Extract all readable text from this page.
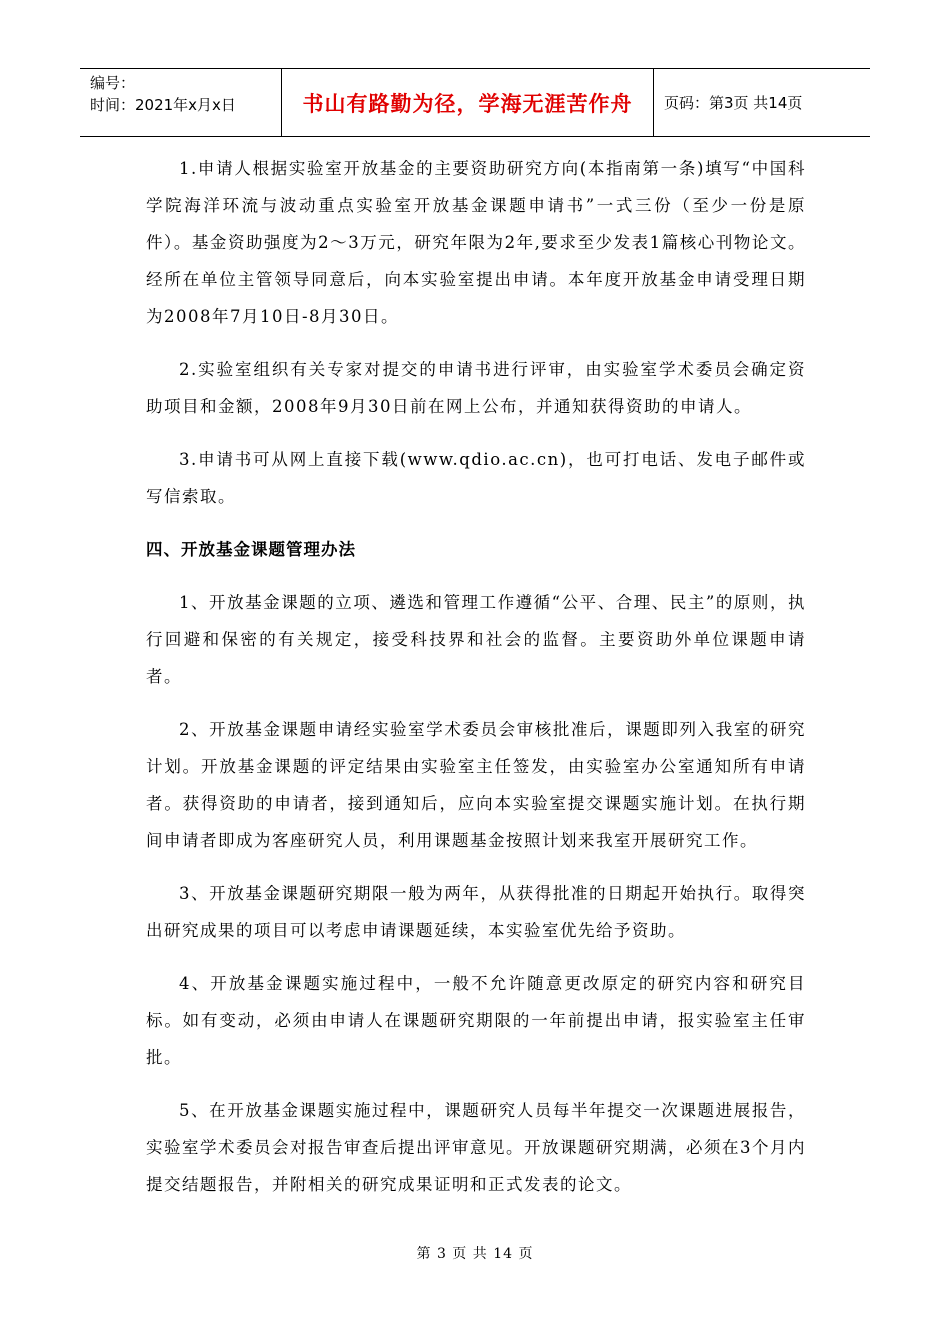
编号：
时间：2021年x月x日	书山有路勤为径，学海无涯苦作舟	页码：第3页 共14页

1.申请人根据实验室开放基金的主要资助研究方向(本指南第一条)填写“中国科学院海洋环流与波动重点实验室开放基金课题申请书”一式三份（至少一份是原件）。基金资助强度为2～3万元，研究年限为2年,要求至少发表1篇核心刊物论文。经所在单位主管领导同意后，向本实验室提出申请。本年度开放基金申请受理日期为2008年7月10日-8月30日。

2.实验室组织有关专家对提交的申请书进行评审，由实验室学术委员会确定资助项目和金额，2008年9月30日前在网上公布，并通知获得资助的申请人。

3.申请书可从网上直接下载(www.qdio.ac.cn)，也可打电话、发电子邮件或写信索取。

四、开放基金课题管理办法

1、开放基金课题的立项、遴选和管理工作遵循“公平、合理、民主”的原则，执行回避和保密的有关规定，接受科技界和社会的监督。主要资助外单位课题申请者。

2、开放基金课题申请经实验室学术委员会审核批准后，课题即列入我室的研究计划。开放基金课题的评定结果由实验室主任签发，由实验室办公室通知所有申请者。获得资助的申请者，接到通知后，应向本实验室提交课题实施计划。在执行期间申请者即成为客座研究人员，利用课题基金按照计划来我室开展研究工作。

3、开放基金课题研究期限一般为两年，从获得批准的日期起开始执行。取得突出研究成果的项目可以考虑申请课题延续，本实验室优先给予资助。

4、开放基金课题实施过程中，一般不允许随意更改原定的研究内容和研究目标。如有变动，必须由申请人在课题研究期限的一年前提出申请，报实验室主任审批。

5、在开放基金课题实施过程中，课题研究人员每半年提交一次课题进展报告，实验室学术委员会对报告审查后提出评审意见。开放课题研究期满，必须在3个月内提交结题报告，并附相关的研究成果证明和正式发表的论文。

第 3 页 共 14 页
